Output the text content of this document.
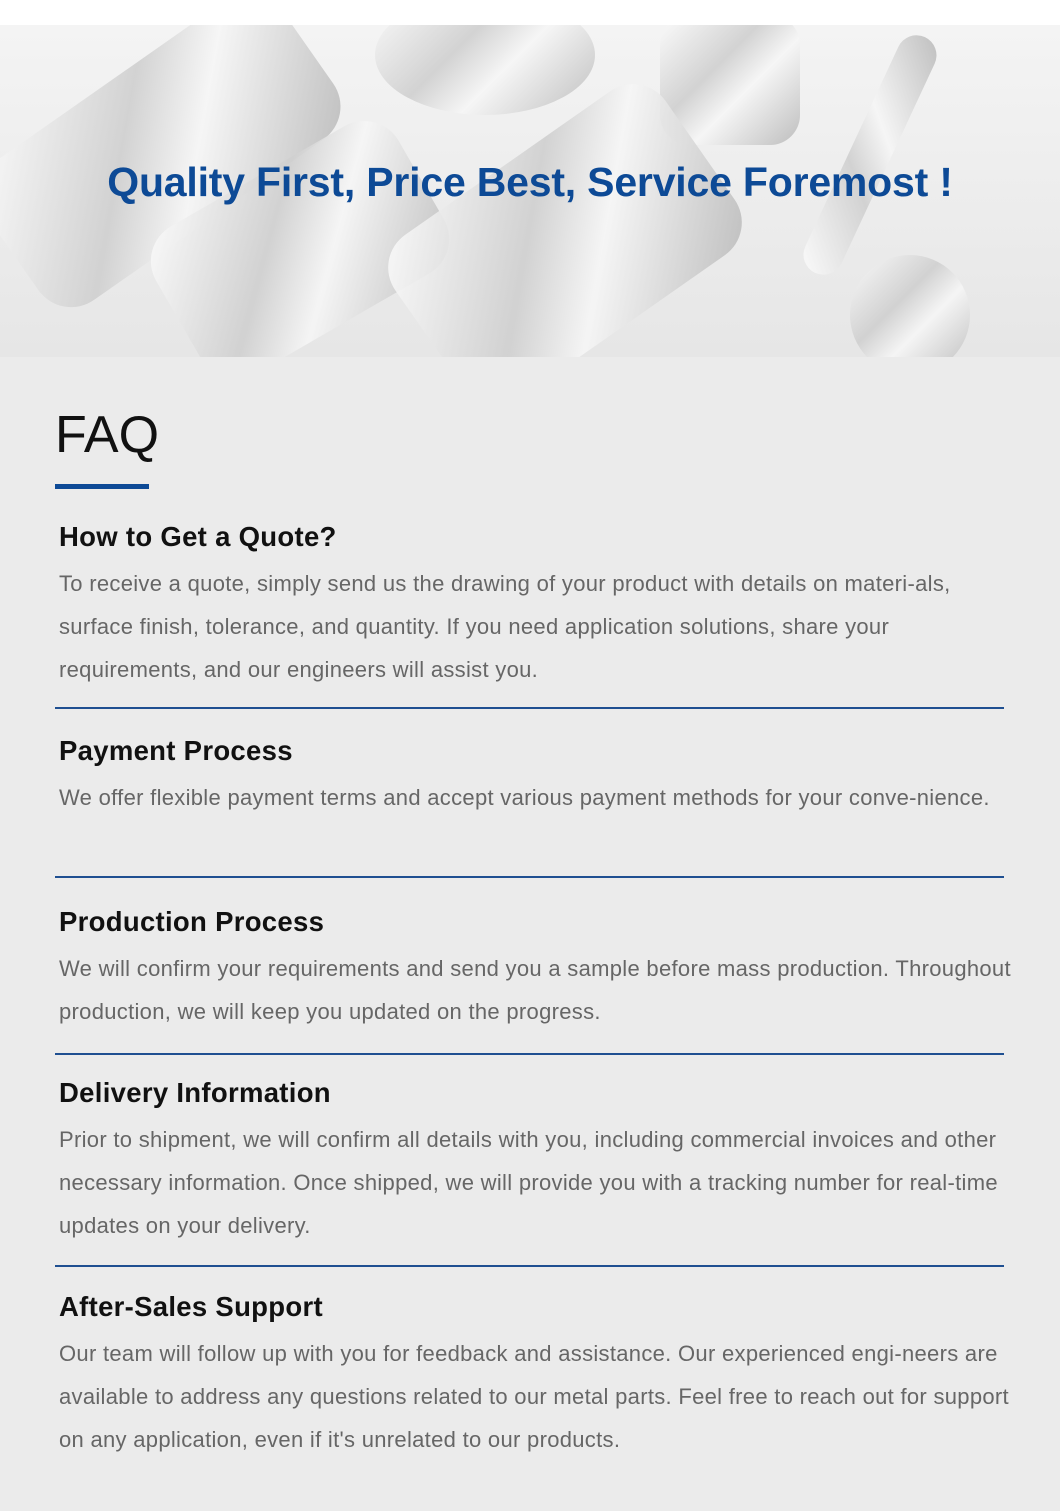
Quality First, Price Best, Service Foremost !
FAQ
How to Get a Quote?

To receive a quote, simply send us the drawing of your product with details on materi-als, surface finish, tolerance, and quantity. If you need application solutions, share your requirements, and our engineers will assist you.

Payment Process

We offer flexible payment terms and accept various payment methods for your conve-nience.

Production Process

We will confirm your requirements and send you a sample before mass production. Throughout production, we will keep you updated on the progress.

Delivery Information

Prior to shipment, we will confirm all details with you, including commercial invoices and other necessary information. Once shipped, we will provide you with a tracking number for real-time updates on your delivery.

After-Sales Support

Our team will follow up with you for feedback and assistance. Our experienced engi-neers are available to address any questions related to our metal parts. Feel free to reach out for support on any application, even if it's unrelated to our products.
